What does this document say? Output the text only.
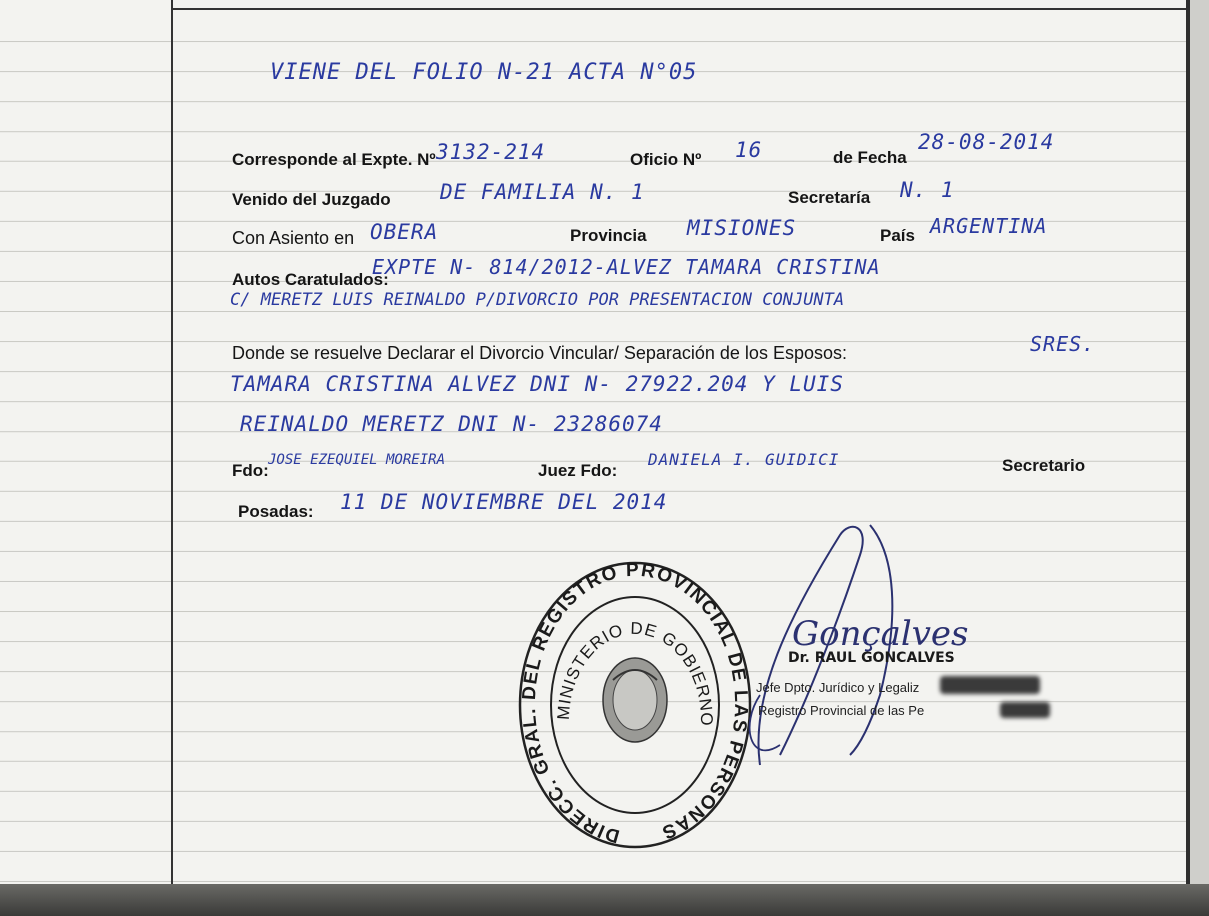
VIENE DEL FOLIO N-21 ACTA N°05
Corresponde al Expte. Nº 3132-214	Oficio Nº 16	de Fecha
28-08-2014
Venido del Juzgado DE FAMILIA N. 1	Secretaría N. 1
Con Asiento en OBERA	Provincia MISIONES	País ARGENTINA
Autos Caratulados:
EXPTE N- 814/2012-ALVEZ TAMARA CRISTINA
C/ MERETZ LUIS REINALDO P/DIVORCIO POR PRESENTACION CONJUNTA
Donde se resuelve Declarar el Divorcio Vincular/ Separación de los Esposos:	SRES.
TAMARA CRISTINA ALVEZ DNI N- 27922.204 Y LUIS
REINALDO MERETZ DNI N- 23286074
Fdo:
JOSE EZEQUIEL MOREIRA
Juez Fdo:
DANIELA I. GUIDICI	Secretario
Posadas: 11 DE NOVIEMBRE DEL 2014
DIRECC. GRAL. DEL REGISTRO PROVINCIAL DE LAS PERSONAS
MINISTERIO DE GOBIERNO
Gonçalves
Dr. RAUL GONCALVES
Jefe Dpto. Jurídico y Legaliz
Registro Provincial de las Pe
